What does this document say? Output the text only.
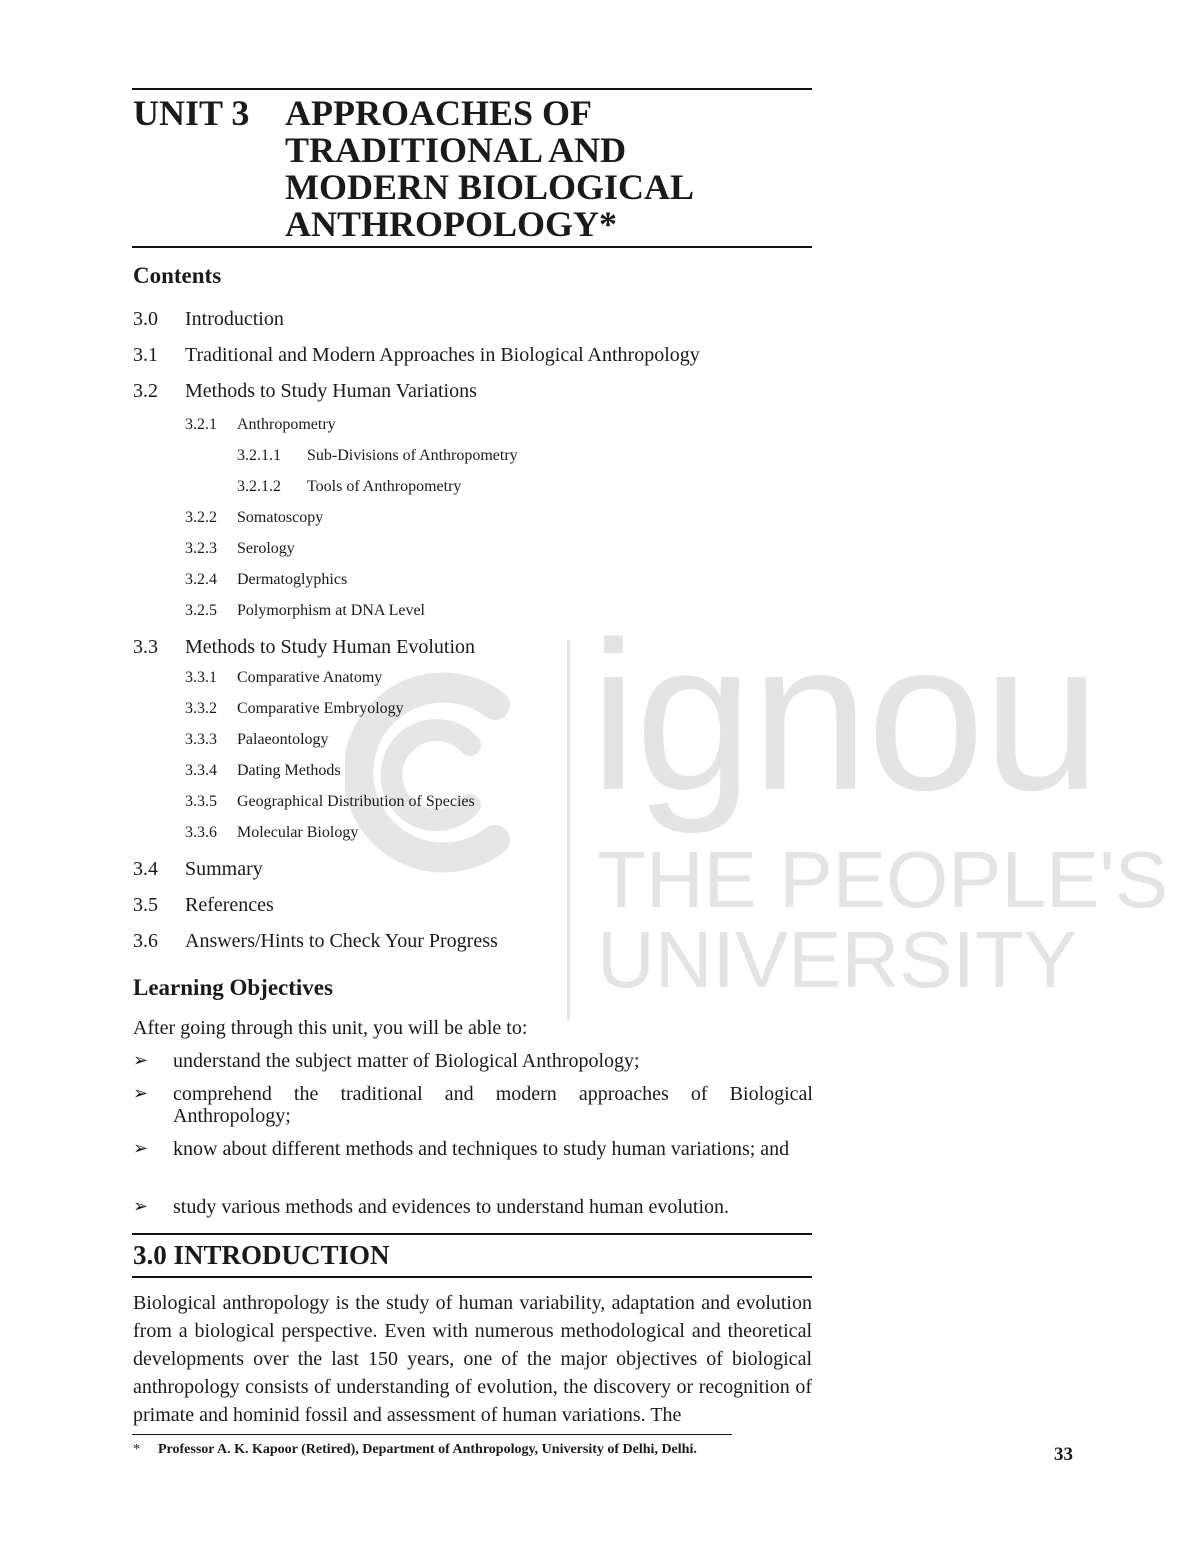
ignou
THE PEOPLE'S
UNIVERSITY
UNIT 3 APPROACHES OF
TRADITIONAL AND
MODERN BIOLOGICAL
ANTHROPOLOGY*
Contents
3.0 Introduction
3.1 Traditional and Modern Approaches in Biological Anthropology
3.2 Methods to Study Human Variations
3.2.1 Anthropometry
3.2.1.1 Sub-Divisions of Anthropometry
3.2.1.2 Tools of Anthropometry
3.2.2 Somatoscopy
3.2.3 Serology
3.2.4 Dermatoglyphics
3.2.5 Polymorphism at DNA Level
3.3 Methods to Study Human Evolution
3.3.1 Comparative Anatomy
3.3.2 Comparative Embryology
3.3.3 Palaeontology
3.3.4 Dating Methods
3.3.5 Geographical Distribution of Species
3.3.6 Molecular Biology
3.4 Summary
3.5 References
3.6 Answers/Hints to Check Your Progress
Learning Objectives
After going through this unit, you will be able to:
➢ understand the subject matter of Biological Anthropology;
➢ comprehend the traditional and modern approaches of Biological Anthropology;
➢ know about different methods and techniques to study human variations; and
➢ study various methods and evidences to understand human evolution.
3.0 INTRODUCTION
Biological anthropology is the study of human variability, adaptation and evolution from a biological perspective. Even with numerous methodological and theoretical developments over the last 150 years, one of the major objectives of biological anthropology consists of understanding of evolution, the discovery or recognition of primate and hominid fossil and assessment of human variations. The
* Professor A. K. Kapoor (Retired), Department of Anthropology, University of Delhi, Delhi.	33
